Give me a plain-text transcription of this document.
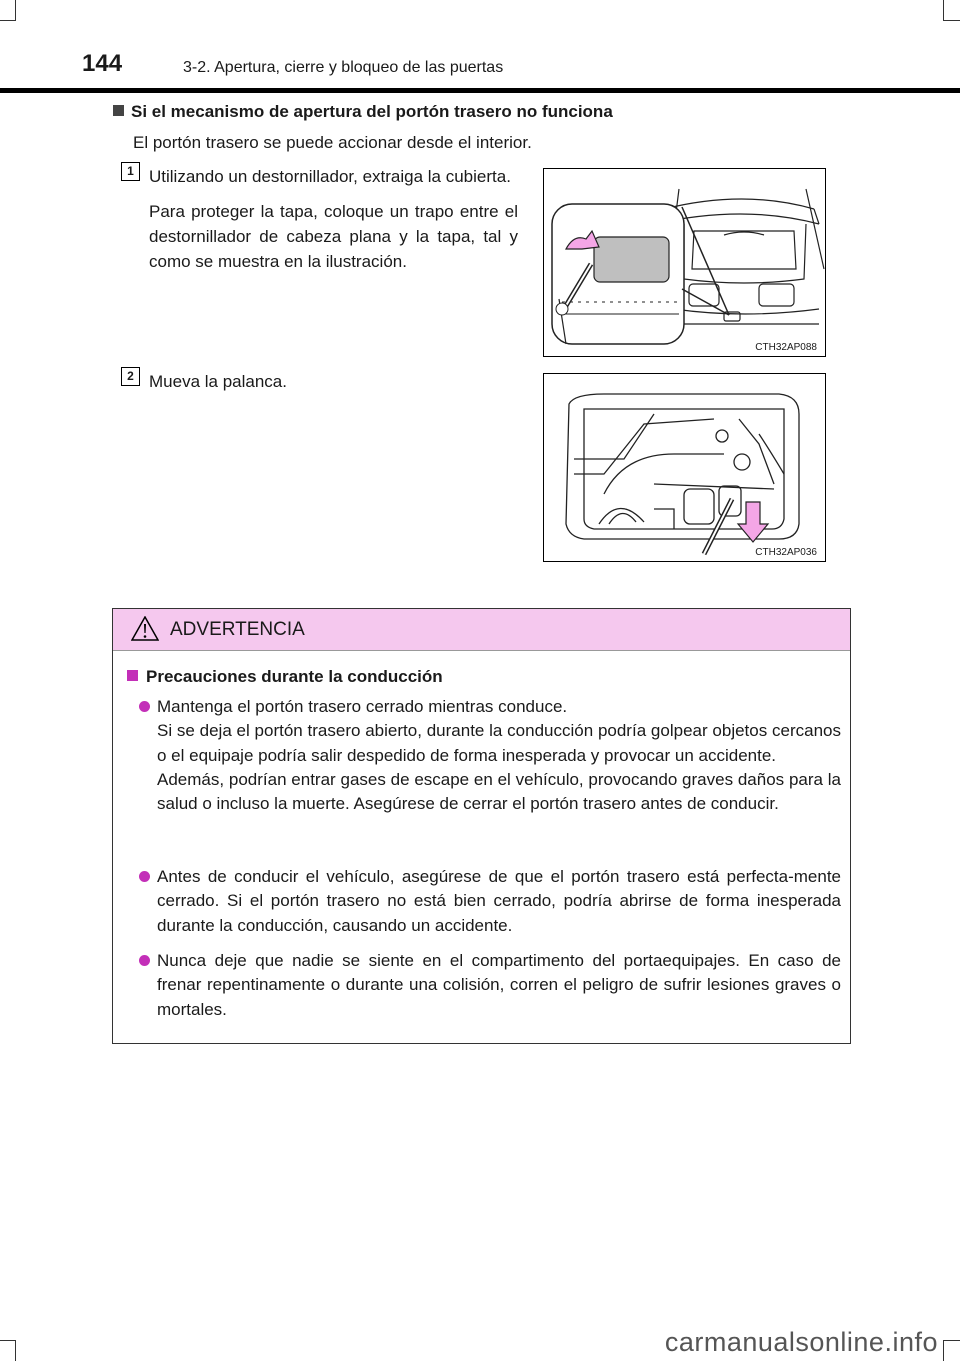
144	3-2. Apertura, cierre y bloqueo de las puertas
Si el mecanismo de apertura del portón trasero no funciona
El portón trasero se puede accionar desde el interior.
1 Utilizando un destornillador, extraiga la cubierta.

Para proteger la tapa, coloque un trapo entre el destornillador de cabeza plana y la tapa, tal y como se muestra en la ilustración.

CTH32AP088
2 Mueva la palanca.

CTH32AP036
ADVERTENCIA
Precauciones durante la conducción

Mantenga el portón trasero cerrado mientras conduce.

Si se deja el portón trasero abierto, durante la conducción podría golpear objetos cercanos o el equipaje podría salir despedido de forma inesperada y provocar un accidente.

Además, podrían entrar gases de escape en el vehículo, provocando graves daños para la salud o incluso la muerte. Asegúrese de cerrar el portón trasero antes de conducir.

Antes de conducir el vehículo, asegúrese de que el portón trasero está perfecta-mente cerrado. Si el portón trasero no está bien cerrado, podría abrirse de forma inesperada durante la conducción, causando un accidente.

Nunca deje que nadie se siente en el compartimento del portaequipajes. En caso de frenar repentinamente o durante una colisión, corren el peligro de sufrir lesiones graves o mortales.

carmanualsonline.info
